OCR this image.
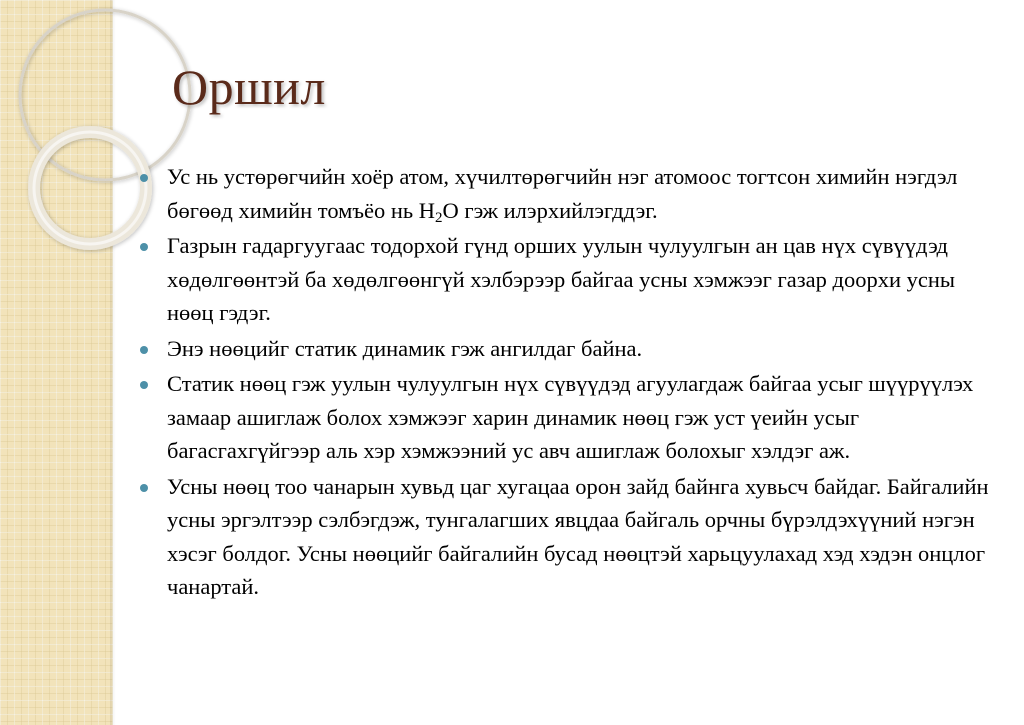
Оршил
Ус нь устөрөгчийн хоёр атом, хүчилтөрөгчийн нэг атомоос тогтсон химийн нэгдэл бөгөөд химийн томъёо нь $H_2O$ гэж илэрхийлэгддэг.
Газрын гадаргуугаас тодорхой гүнд орших уулын чулуулгын ан цав нүх сүвүүдэд хөдөлгөөнтэй ба хөдөлгөөнгүй хэлбэрээр байгаа усны хэмжээг газар доорхи усны нөөц гэдэг.
Энэ нөөцийг статик динамик гэж ангилдаг байна.
Статик нөөц гэж уулын чулуулгын нүх сүвүүдэд агуулагдаж байгаа усыг шүүрүүлэх замаар ашиглаж болох хэмжээг харин динамик нөөц гэж уст үеийн усыг багасгахгүйгээр аль хэр хэмжээний ус авч ашиглаж болохыг хэлдэг аж.
Усны нөөц тоо чанарын хувьд цаг хугацаа орон зайд байнга хувьсч байдаг. Байгалийн усны эргэлтээр сэлбэгдэж, тунгалагших явцдаа байгаль орчны бүрэлдэхүүний нэгэн хэсэг болдог. Усны нөөцийг байгалийн бусад нөөцтэй харьцуулахад хэд хэдэн онцлог чанартай.
